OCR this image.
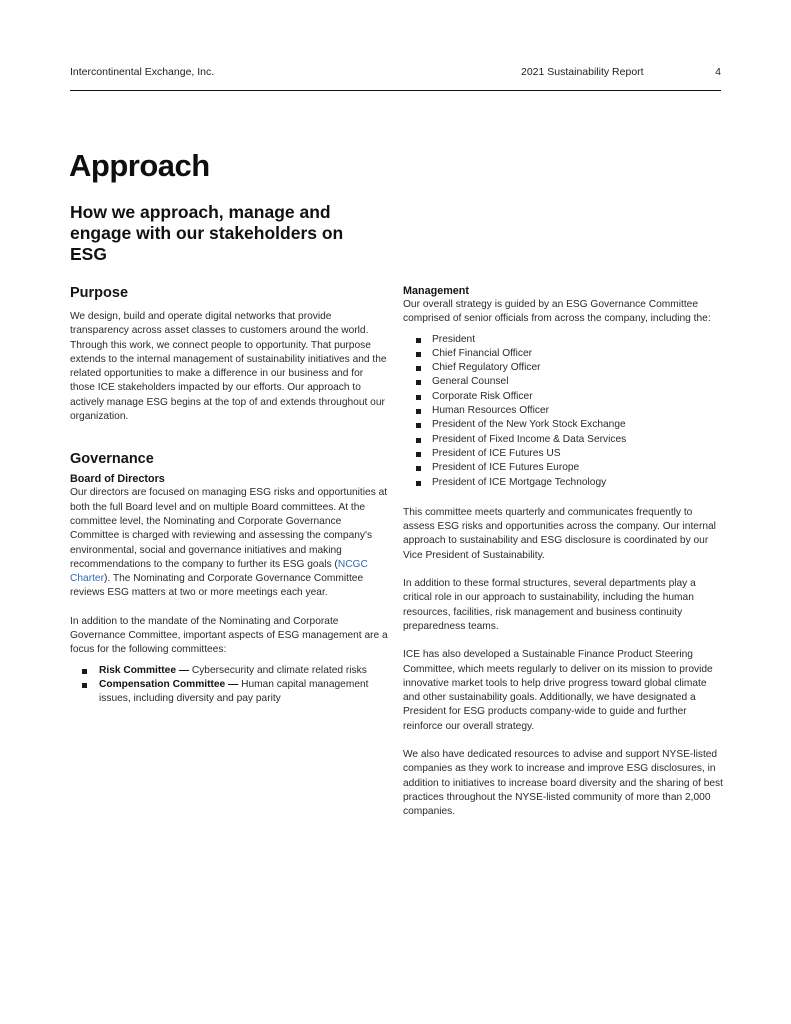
Intercontinental Exchange, Inc.	2021 Sustainability Report	4
Approach
How we approach, manage and engage with our stakeholders on ESG
Purpose

We design, build and operate digital networks that provide transparency across asset classes to customers around the world. Through this work, we connect people to opportunity. That purpose extends to the internal management of sustainability initiatives and the related opportunities to make a difference in our business and for those ICE stakeholders impacted by our efforts. Our approach to actively manage ESG begins at the top of and extends throughout our organization.

Governance
Board of Directors

Our directors are focused on managing ESG risks and opportunities at both the full Board level and on multiple Board committees. At the committee level, the Nominating and Corporate Governance Committee is charged with reviewing and assessing the company's environmental, social and governance initiatives and making recommendations to the company to further its ESG goals (NCGC Charter). The Nominating and Corporate Governance Committee reviews ESG matters at two or more meetings each year.

In addition to the mandate of the Nominating and Corporate Governance Committee, important aspects of ESG management are a focus for the following committees:

Risk Committee — Cybersecurity and climate related risks
Compensation Committee — Human capital management issues, including diversity and pay parity
Management

Our overall strategy is guided by an ESG Governance Committee comprised of senior officials from across the company, including the:

President
Chief Financial Officer
Chief Regulatory Officer
General Counsel
Corporate Risk Officer
Human Resources Officer
President of the New York Stock Exchange
President of Fixed Income & Data Services
President of ICE Futures US
President of ICE Futures Europe
President of ICE Mortgage Technology

This committee meets quarterly and communicates frequently to assess ESG risks and opportunities across the company. Our internal approach to sustainability and ESG disclosure is coordinated by our Vice President of Sustainability.

In addition to these formal structures, several departments play a critical role in our approach to sustainability, including the human resources, facilities, risk management and business continuity preparedness teams.

ICE has also developed a Sustainable Finance Product Steering Committee, which meets regularly to deliver on its mission to provide innovative market tools to help drive progress toward global climate and other sustainability goals. Additionally, we have designated a President for ESG products company-wide to guide and further reinforce our overall strategy.

We also have dedicated resources to advise and support NYSE-listed companies as they work to increase and improve ESG disclosures, in addition to initiatives to increase board diversity and the sharing of best practices throughout the NYSE-listed community of more than 2,000 companies.
